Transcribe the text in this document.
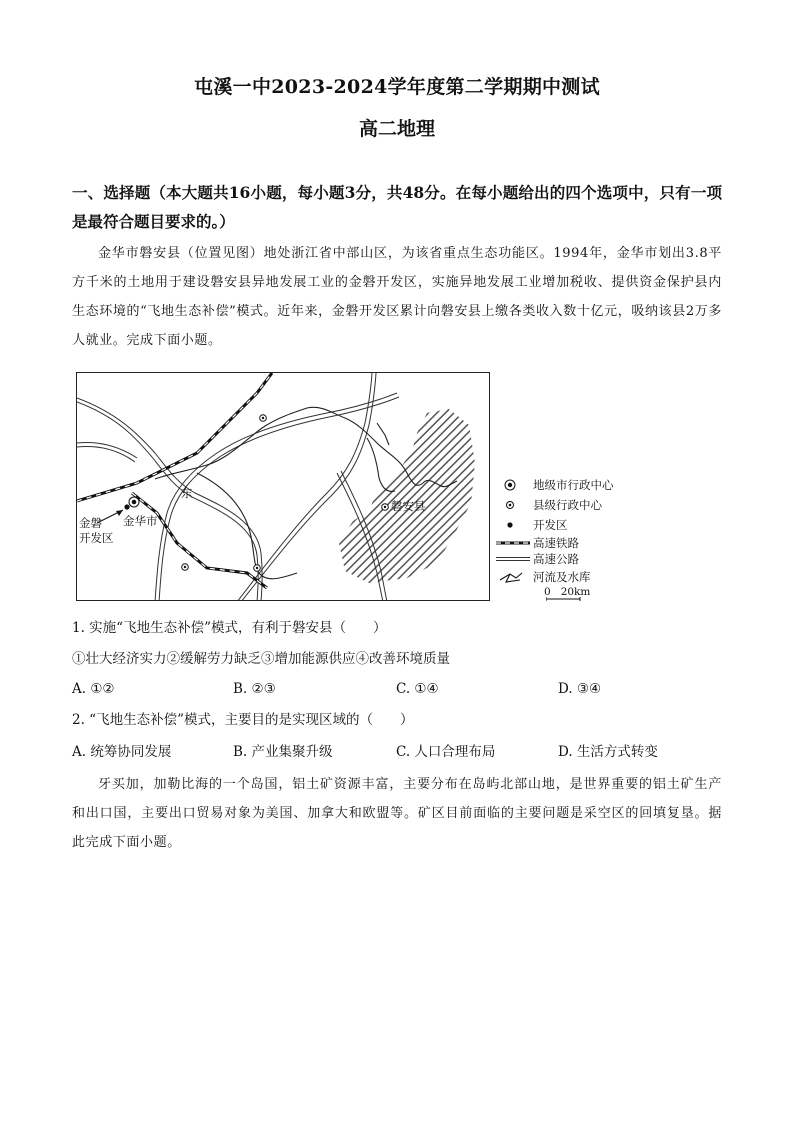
屯溪一中2023-2024学年度第二学期期中测试
高二地理
一、选择题（本大题共16小题，每小题3分，共48分。在每小题给出的四个选项中，只有一项是最符合题目要求的。）
金华市磐安县（位置见图）地处浙江省中部山区，为该省重点生态功能区。1994年，金华市划出3.8平方千米的土地用于建设磐安县异地发展工业的金磐开发区，实施异地发展工业增加税收、提供资金保护县内生态环境的“飞地生态补偿”模式。近年来，金磐开发区累计向磐安县上缴各类收入数十亿元，吸纳该县2万多人就业。完成下面小题。
东
金华市
金磐
开发区
磐安县
地级市行政中心
县级行政中心
开发区
高速铁路
高速公路
河流及水库
0   20km
1. 实施“飞地生态补偿”模式，有利于磐安县（　　）
①壮大经济实力②缓解劳力缺乏③增加能源供应④改善环境质量
A. ①②	B. ②③	C. ①④	D. ③④
2. “飞地生态补偿”模式，主要目的是实现区域的（　　）
A. 统筹协同发展	B. 产业集聚升级	C. 人口合理布局	D. 生活方式转变
牙买加，加勒比海的一个岛国，铝土矿资源丰富，主要分布在岛屿北部山地，是世界重要的铝土矿生产和出口国，主要出口贸易对象为美国、加拿大和欧盟等。矿区目前面临的主要问题是采空区的回填复垦。据此完成下面小题。
